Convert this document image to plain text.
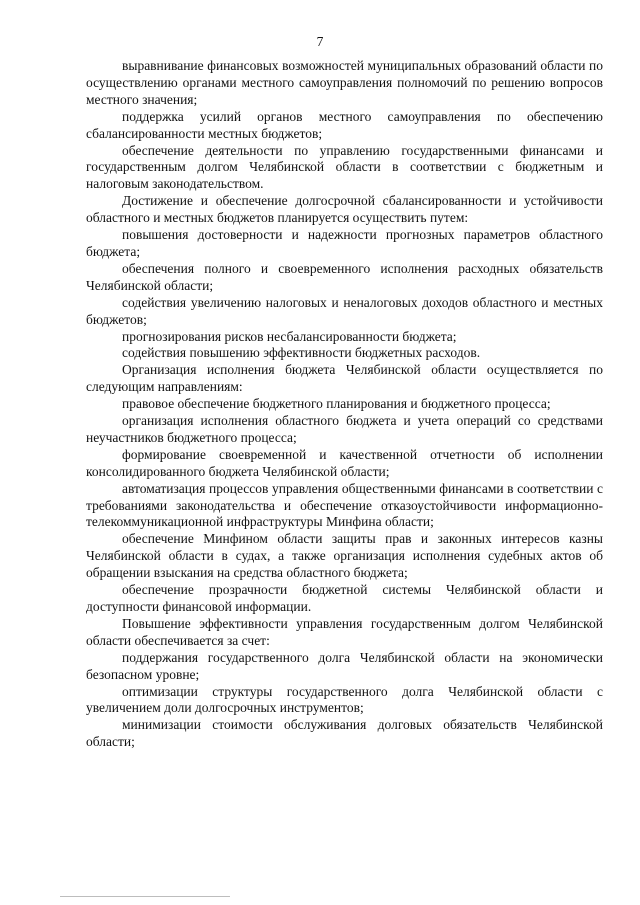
7

выравнивание финансовых возможностей муниципальных образований области по осуществлению органами местного самоуправления полномочий по решению вопросов местного значения;

поддержка усилий органов местного самоуправления по обеспечению сбалансированности местных бюджетов;

обеспечение деятельности по управлению государственными финансами и государственным долгом Челябинской области в соответствии с бюджетным и налоговым законодательством.

Достижение и обеспечение долгосрочной сбалансированности и устойчивости областного и местных бюджетов планируется осуществить путем:

повышения достоверности и надежности прогнозных параметров областного бюджета;

обеспечения полного и своевременного исполнения расходных обязательств Челябинской области;

содействия увеличению налоговых и неналоговых доходов областного и местных бюджетов;

прогнозирования рисков несбалансированности бюджета;

содействия повышению эффективности бюджетных расходов.

Организация исполнения бюджета Челябинской области осуществляется по следующим направлениям:

правовое обеспечение бюджетного планирования и бюджетного процесса;

организация исполнения областного бюджета и учета операций со средствами неучастников бюджетного процесса;

формирование своевременной и качественной отчетности об исполнении консолидированного бюджета Челябинской области;

автоматизация процессов управления общественными финансами в соответствии с требованиями законодательства и обеспечение отказоустойчивости информационно-телекоммуникационной инфраструктуры Минфина области;

обеспечение Минфином области защиты прав и законных интересов казны Челябинской области в судах, а также организация исполнения судебных актов об обращении взыскания на средства областного бюджета;

обеспечение прозрачности бюджетной системы Челябинской области и доступности финансовой информации.

Повышение эффективности управления государственным долгом Челябинской области обеспечивается за счет:

поддержания государственного долга Челябинской области на экономически безопасном уровне;

оптимизации структуры государственного долга Челябинской области с увеличением доли долгосрочных инструментов;

минимизации стоимости обслуживания долговых обязательств Челябинской области;
